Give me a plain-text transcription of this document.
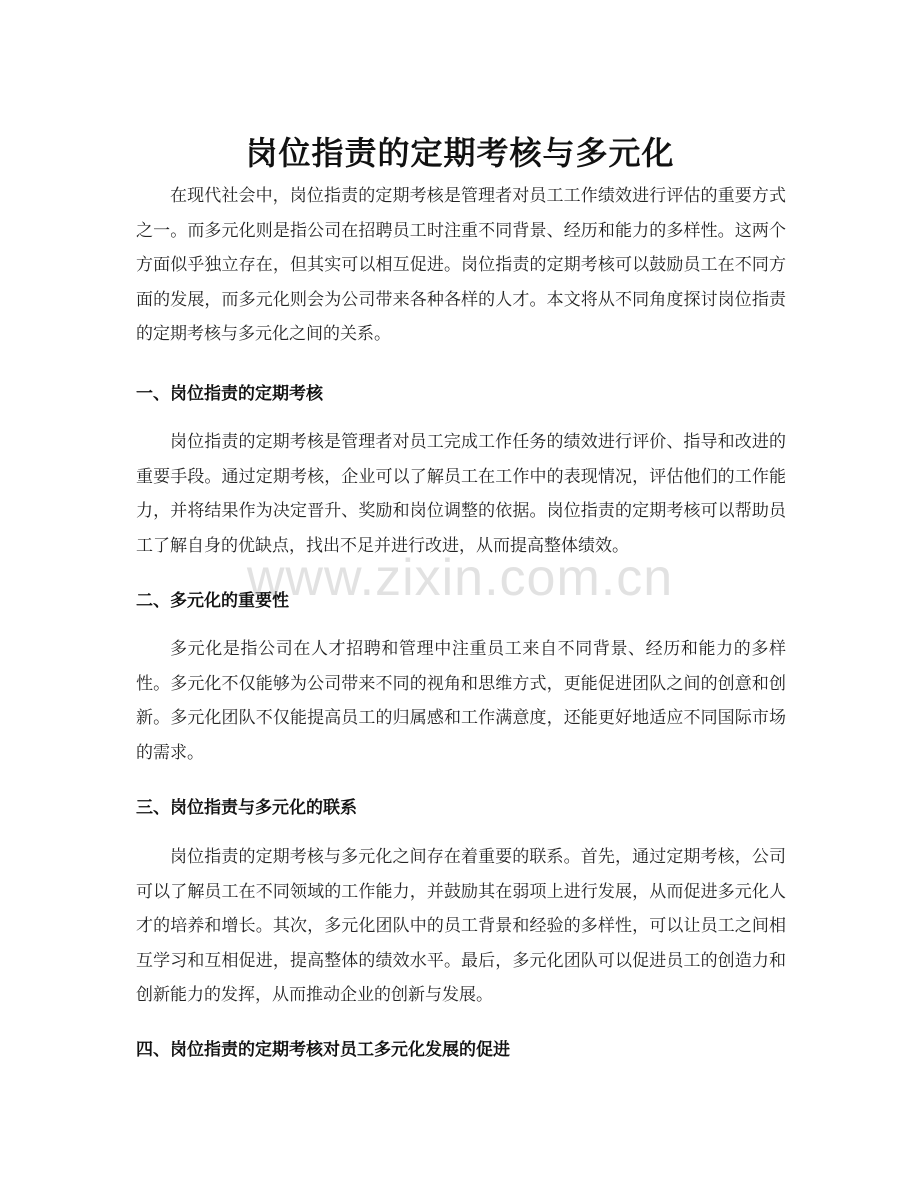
岗位指责的定期考核与多元化

在现代社会中，岗位指责的定期考核是管理者对员工工作绩效进行评估的重要方式之一。而多元化则是指公司在招聘员工时注重不同背景、经历和能力的多样性。这两个方面似乎独立存在，但其实可以相互促进。岗位指责的定期考核可以鼓励员工在不同方面的发展，而多元化则会为公司带来各种各样的人才。本文将从不同角度探讨岗位指责的定期考核与多元化之间的关系。

一、岗位指责的定期考核

岗位指责的定期考核是管理者对员工完成工作任务的绩效进行评价、指导和改进的重要手段。通过定期考核，企业可以了解员工在工作中的表现情况，评估他们的工作能力，并将结果作为决定晋升、奖励和岗位调整的依据。岗位指责的定期考核可以帮助员工了解自身的优缺点，找出不足并进行改进，从而提高整体绩效。

二、多元化的重要性

多元化是指公司在人才招聘和管理中注重员工来自不同背景、经历和能力的多样性。多元化不仅能够为公司带来不同的视角和思维方式，更能促进团队之间的创意和创新。多元化团队不仅能提高员工的归属感和工作满意度，还能更好地适应不同国际市场的需求。

三、岗位指责与多元化的联系

岗位指责的定期考核与多元化之间存在着重要的联系。首先，通过定期考核，公司可以了解员工在不同领域的工作能力，并鼓励其在弱项上进行发展，从而促进多元化人才的培养和增长。其次，多元化团队中的员工背景和经验的多样性，可以让员工之间相互学习和互相促进，提高整体的绩效水平。最后，多元化团队可以促进员工的创造力和创新能力的发挥，从而推动企业的创新与发展。

四、岗位指责的定期考核对员工多元化发展的促进
www.zixin.com.cn
